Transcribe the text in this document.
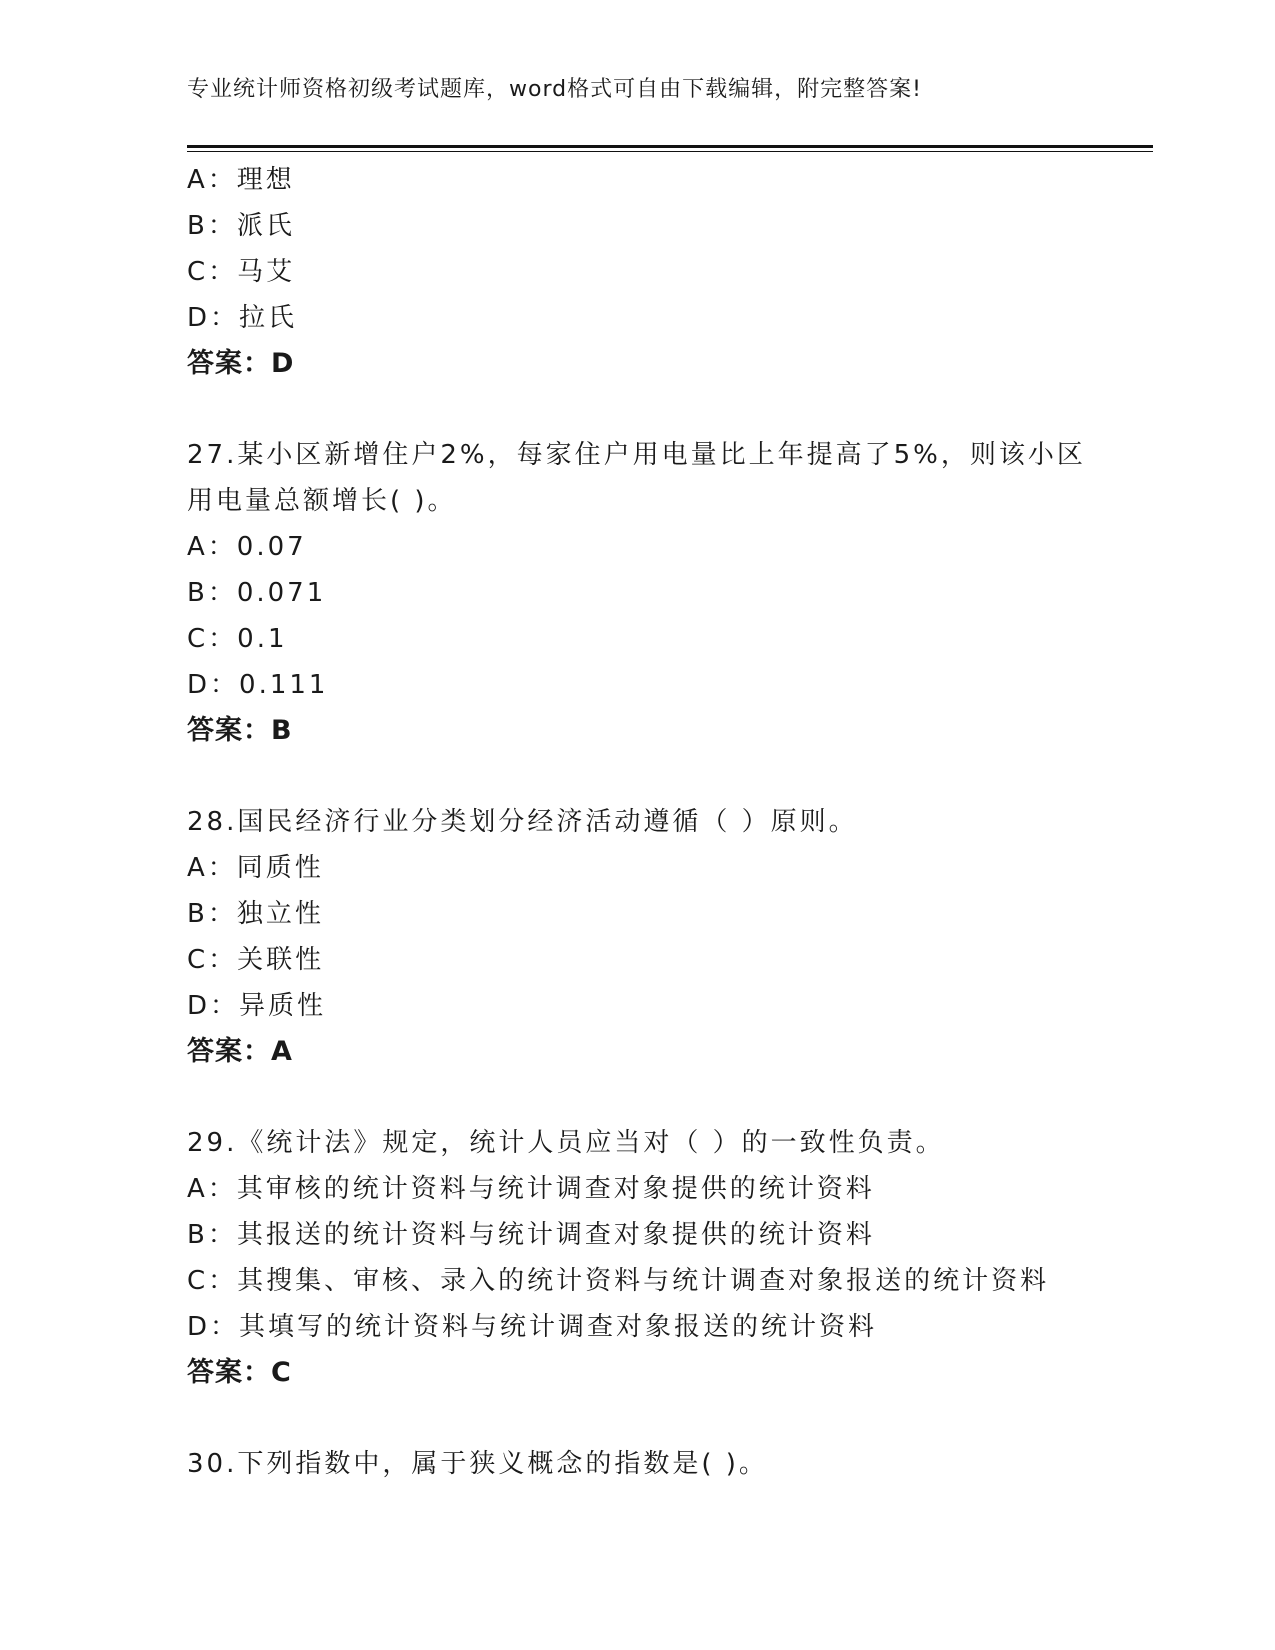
专业统计师资格初级考试题库，word格式可自由下载编辑，附完整答案!
A：理想
B：派氏
C：马艾
D：拉氏
答案：D
27.某小区新增住户2%，每家住户用电量比上年提高了5%，则该小区
用电量总额增长( )。
A：0.07
B：0.071
C：0.1
D：0.111
答案：B
28.国民经济行业分类划分经济活动遵循（ ）原则。
A：同质性
B：独立性
C：关联性
D：异质性
答案：A
29.《统计法》规定，统计人员应当对（ ）的一致性负责。
A：其审核的统计资料与统计调查对象提供的统计资料
B：其报送的统计资料与统计调查对象提供的统计资料
C：其搜集、审核、录入的统计资料与统计调查对象报送的统计资料
D：其填写的统计资料与统计调查对象报送的统计资料
答案：C
30.下列指数中，属于狭义概念的指数是( )。
